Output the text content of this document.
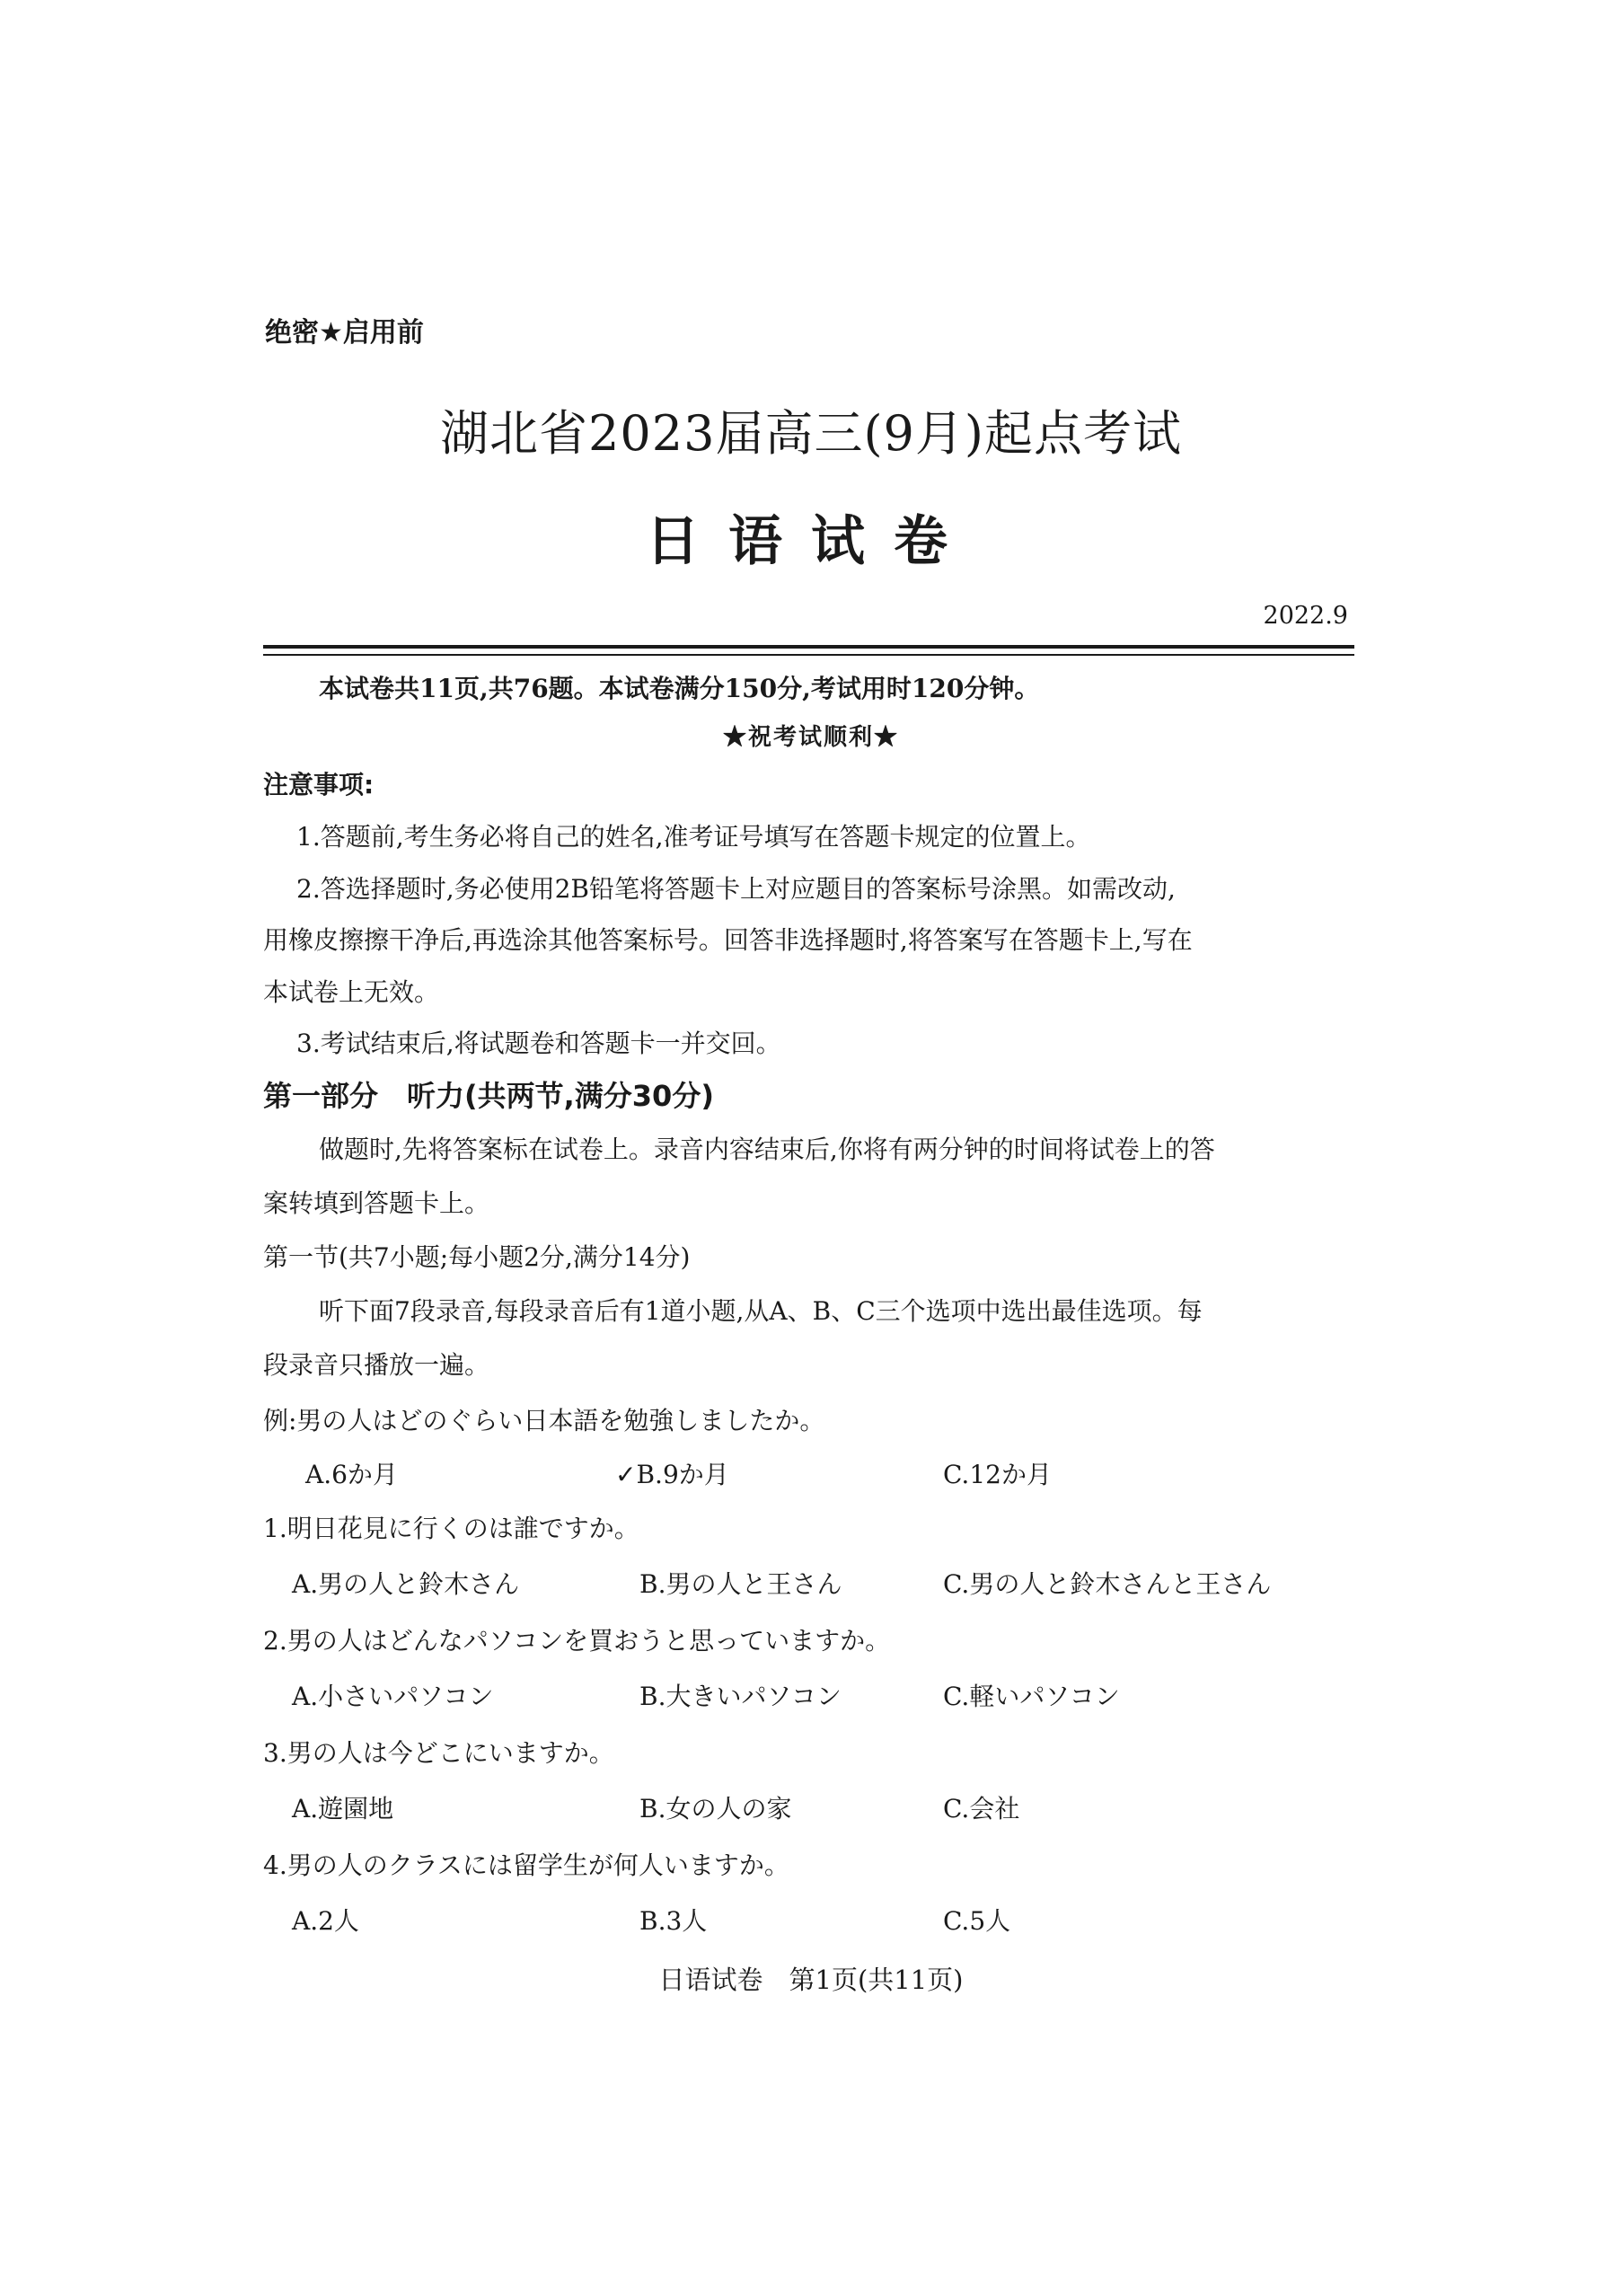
绝密★启用前
湖北省2023届高三(9月)起点考试
日语试卷
2022.9
本试卷共11页,共76题。本试卷满分150分,考试用时120分钟。
★祝考试顺利★
注意事项:
1.答题前,考生务必将自己的姓名,准考证号填写在答题卡规定的位置上。
2.答选择题时,务必使用2B铅笔将答题卡上对应题目的答案标号涂黑。如需改动,
用橡皮擦擦干净后,再选涂其他答案标号。回答非选择题时,将答案写在答题卡上,写在
本试卷上无效。
3.考试结束后,将试题卷和答题卡一并交回。
第一部分　听力(共两节,满分30分)
做题时,先将答案标在试卷上。录音内容结束后,你将有两分钟的时间将试卷上的答
案转填到答题卡上。
第一节(共7小题;每小题2分,满分14分)
听下面7段录音,每段录音后有1道小题,从A、B、C三个选项中选出最佳选项。每
段录音只播放一遍。
例:男の人はどのぐらい日本語を勉強しましたか。
A.6か月	✓B.9か月	C.12か月
1.明日花見に行くのは誰ですか。
A.男の人と鈴木さん	B.男の人と王さん	C.男の人と鈴木さんと王さん
2.男の人はどんなパソコンを買おうと思っていますか。
A.小さいパソコン	B.大きいパソコン	C.軽いパソコン
3.男の人は今どこにいますか。
A.遊園地	B.女の人の家	C.会社
4.男の人のクラスには留学生が何人いますか。
A.2人	B.3人	C.5人
日语试卷　第1页(共11页)
